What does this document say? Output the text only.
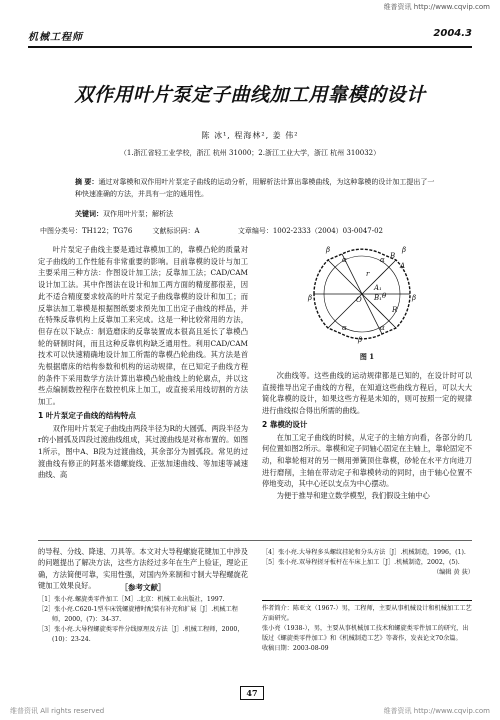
维普资讯 http://www.cqvip.com
机械工程师	2004.3
双作用叶片泵定子曲线加工用靠模的设计
陈 冰¹, 程海林², 姜 伟²
（1.浙江省轻工业学校，浙江 杭州 31000；2.浙江工业大学，浙江 杭州 310032）
摘 要：通过对靠模和双作用叶片泵定子曲线的运动分析，用解析法计算出靠模曲线，为这种靠模的设计加工提出了一种快速准确的方法，并具有一定的通用性。
关键词：双作用叶片泵；解析法
中图分类号：TH122；TG76	文献标识码：A	文章编号：1002-2333（2004）03-0047-02

叶片泵定子曲线主要是通过靠模加工的，靠模凸轮的质量对定子曲线的工作性能有非常重要的影响。目前靠模的设计与加工主要采用三种方法：作图设计加工法；反靠加工法；CAD/CAM设计加工法。其中作图法在设计和加工两方面的精度都很差，因此不适合精度要求较高的叶片泵定子曲线靠模的设计和加工；而反靠法加工靠模是根据图纸要求预先加工出定子曲线的样品，并在特殊反靠机构上反靠加工来完成。这是一种比较常用的方法，但存在以下缺点：制造磨床的反靠装置成本很高且延长了靠模凸轮的研制时间，而且这种反靠机构缺乏通用性。利用CAD/CAM技术可以快速精确地设计加工所需的靠模凸轮曲线。其方法是首先根据磨床的结构参数和机构的运动规律，在已知定子曲线方程的条件下采用数学方法计算出靠模凸轮曲线上的轮廓点，并以这些点编制数控程序在数控机床上加工，或直接采用线切割的方法加工。

1 叶片泵定子曲线的结构特点

双作用叶片泵定子曲线由两段半径为R的大圆弧、两段半径为r的小圆弧及四段过渡曲线组成，其过渡曲线是对称布置的。如图1所示，图中A、B段为过渡曲线，其余部分为圆弧段。常见的过渡曲线有修正的阿基米德螺旋线、正弦加速曲线、等加速等减速曲线、高

β	β
β	β
α	α
α	α
A
B
A₁
B₁
O
R
r
θ
β
图 1

次曲线等。这些曲线的运动规律都是已知的，在设计时可以直接推导出定子曲线的方程，在知道这些曲线方程后，可以大大简化靠模的设计，如果这些方程是未知的，则可按照一定的规律进行曲线拟合得出所需的曲线。

2 靠模的设计

在加工定子曲线的时候，从定子的主轴方向看，各部分的几何位置如图2所示。靠模和定子同轴心固定在主轴上，靠轮固定不动，和靠轮相对的另一侧用弹簧顶住靠模，砂轮在水平方向进刀进行磨削，主轴在带动定子和靠模转动的同时，由于轴心位置不停地变动，其中心还以支点为中心摆动。

为便于推导和建立数学模型，我们假设主轴中心

的导程、分线、降速、刀具等。本文对大导程螺旋花键加工中涉及的问题提出了解决方法，这些方法经过多年在生产上验证，理论正确，方法简便可靠，实用性强，对国内外来制和寸制大导程螺旋花键加工效果良好。	［参考文献］
［1］张小亮.螺旋类零件加工［M］.北京：机械工业出版社，1997.
［2］张小亮.C620-1型车床铣螺旋槽时配装有补充和扩展［J］.机械工程师，2000，(7)：34-37.
［3］张小亮.大导程螺旋类零件分线原理及方法［J］.机械工程师，2000，(10)：23-24.
［4］张小亮.大导程多头螺纹挂轮和分头方法［J］.机械制造，1996，(1).
［5］张小亮.双导程搓牙板杆在车床上加工［J］.机械制造，2002，(5).
（编辑 黄 荻）
作者简介：陈亚文（1967-）男，工程师，主要从事机械设计和机械加工工艺方面研究。
张小亮（1938-），男，主要从事机械加工技术和螺旋类零件加工的研究，出版过《螺旋类零件加工》和《机械制造工艺》等著作，发表论文70余篇。
收稿日期：2003-08-09
47
维普资讯 All rights reserved	维普资讯 http://www.cqvip.com
